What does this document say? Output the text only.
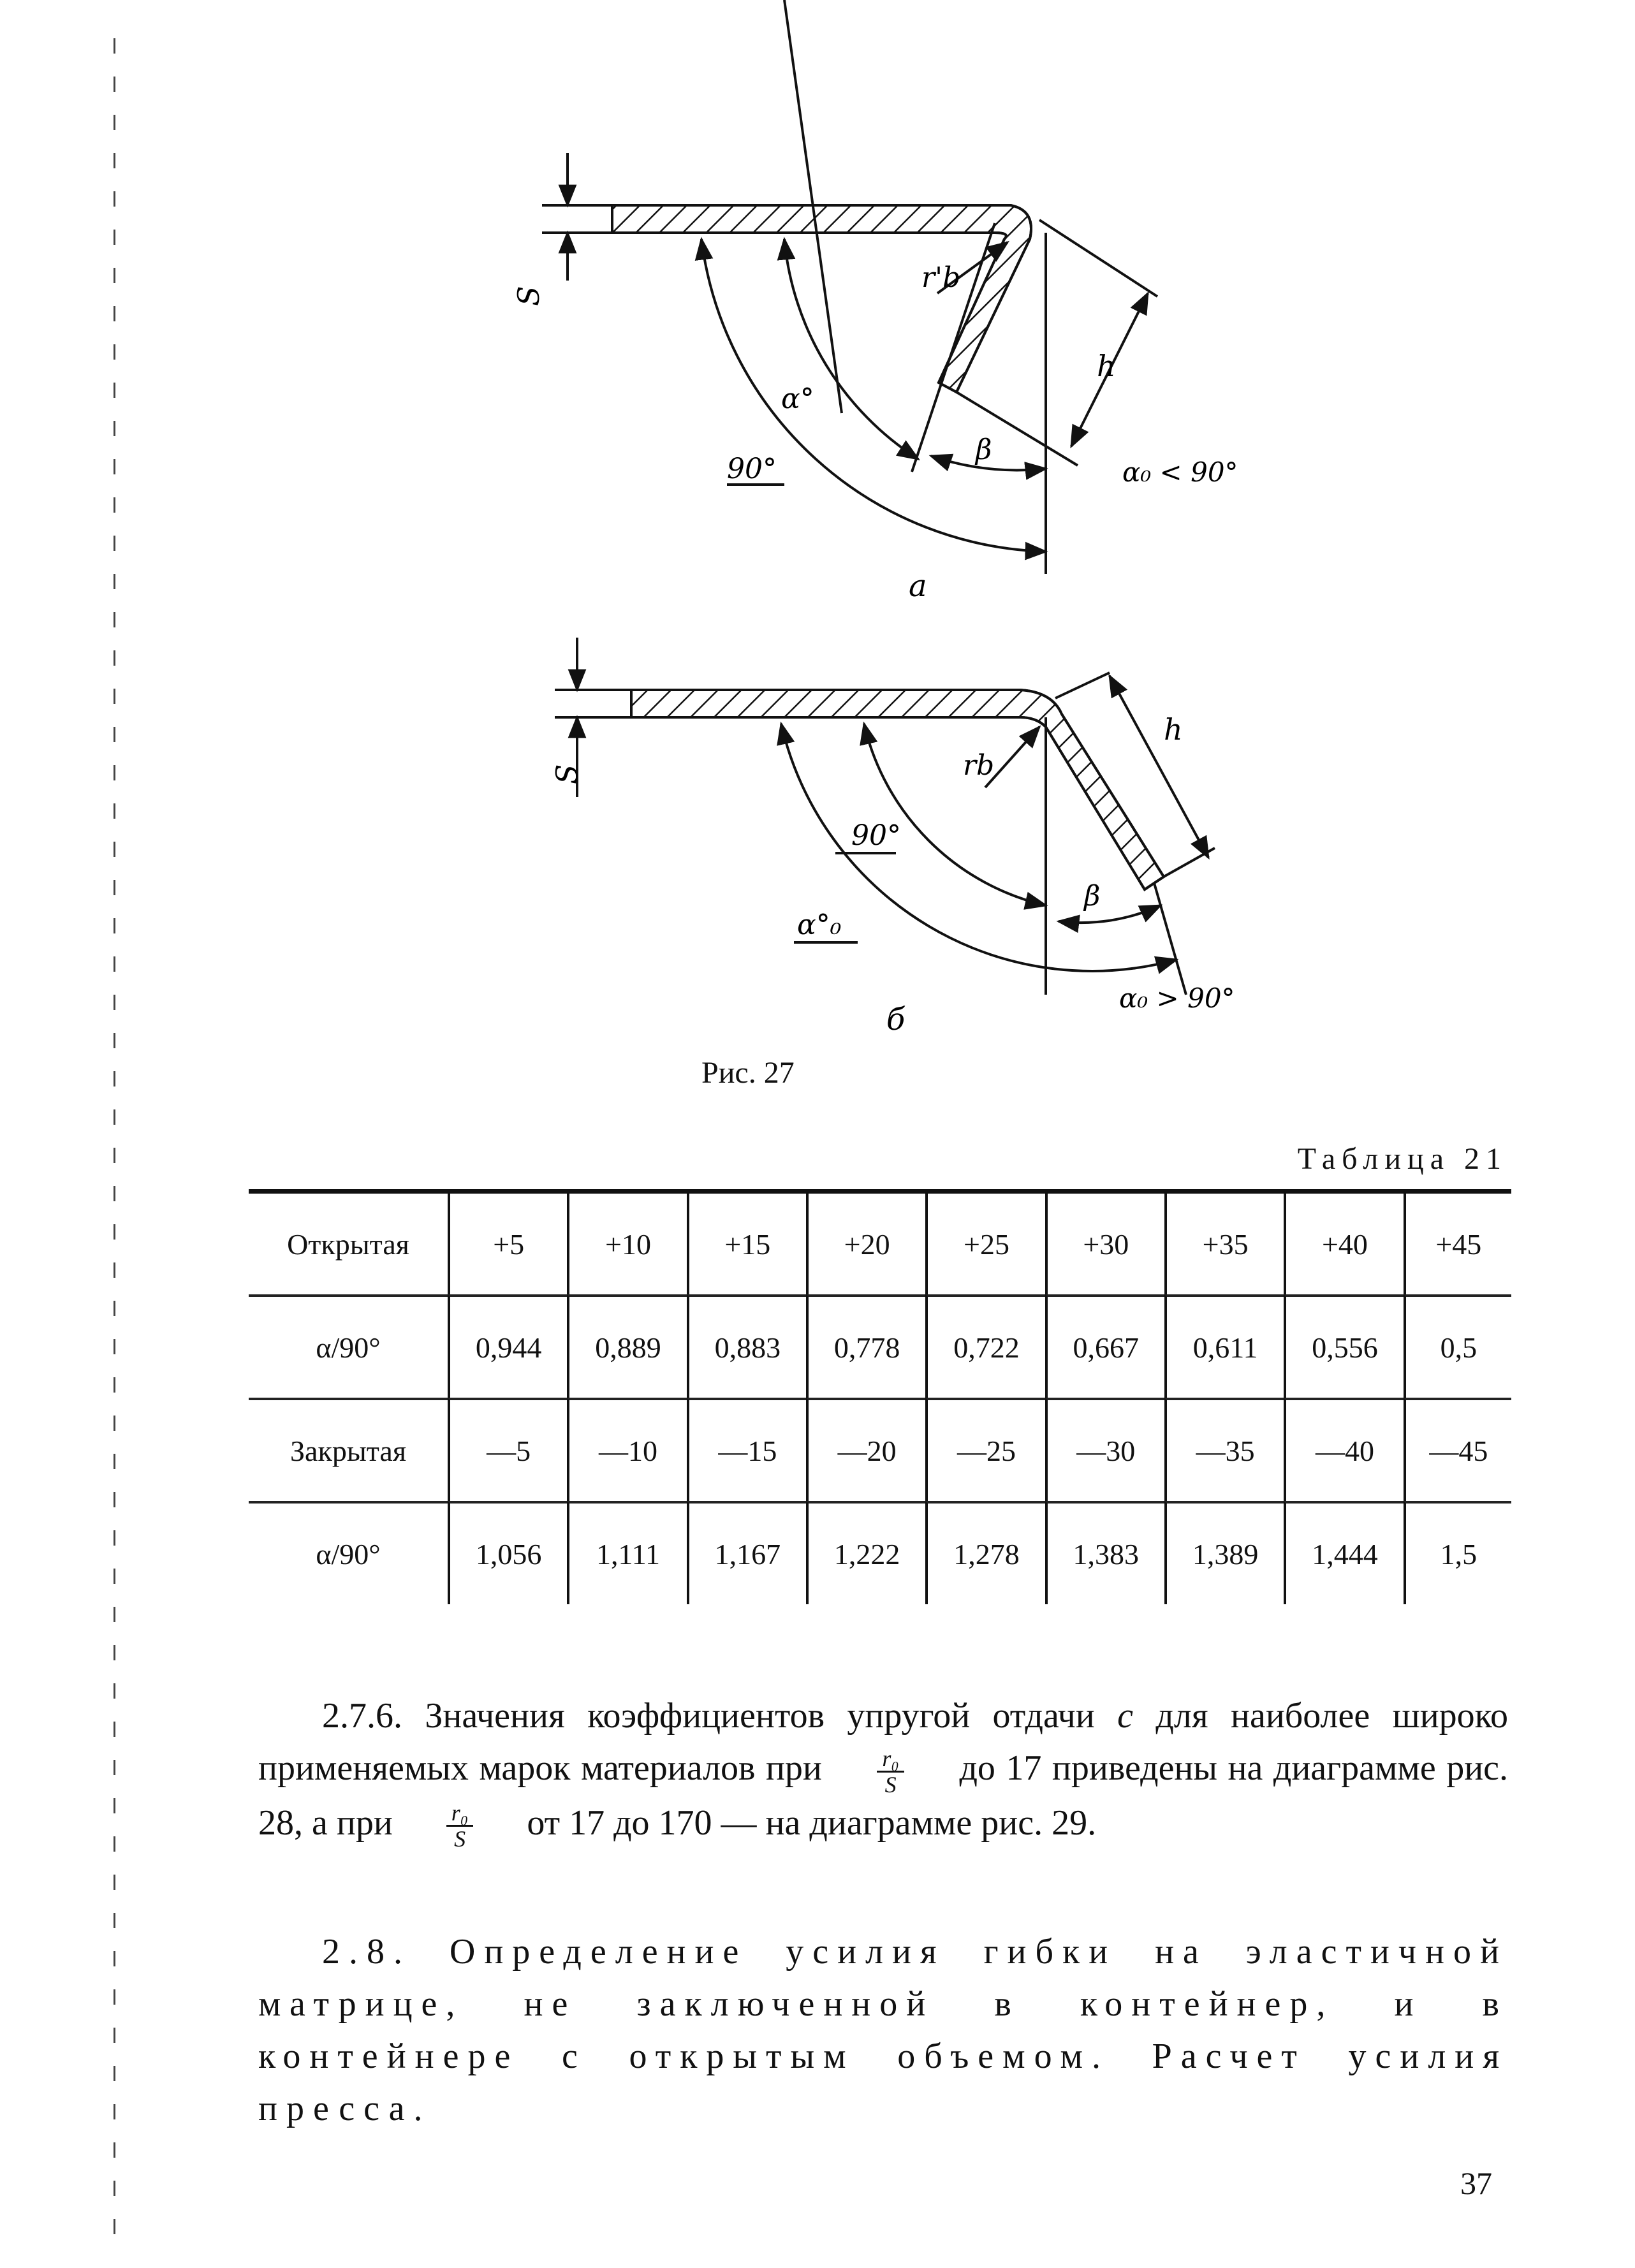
S
r'b
h
α°
β
90°	α₀ < 90°
a
S	rb
h
90°
α°₀
β
α₀ > 90°
б
Рис. 27
Таблица 21
Открытая	+5	+10	+15	+20	+25	+30	+35	+40	+45
α/90°	0,944	0,889	0,883	0,778	0,722	0,667	0,611	0,556	0,5
Закрытая	—5	—10	—15	—20	—25	—30	—35	—40	—45
α/90°	1,056	1,111	1,167	1,222	1,278	1,383	1,389	1,444	1,5
2.7.6. Значения коэффициентов упругой отдачи c для наиболее широко применяемых марок материалов при $\frac{\text{r₀}}{S}$ до 17 приведены на диаграмме рис. 28, а при $\frac{\text{r₀}}{S}$ от 17 до 170 — на диаграмме рис. 29.
2.8. Определение усилия гибки на эластичной матрице, не заключенной в контейнер, и в контейнере с открытым объемом. Расчет усилия пресса.
37
